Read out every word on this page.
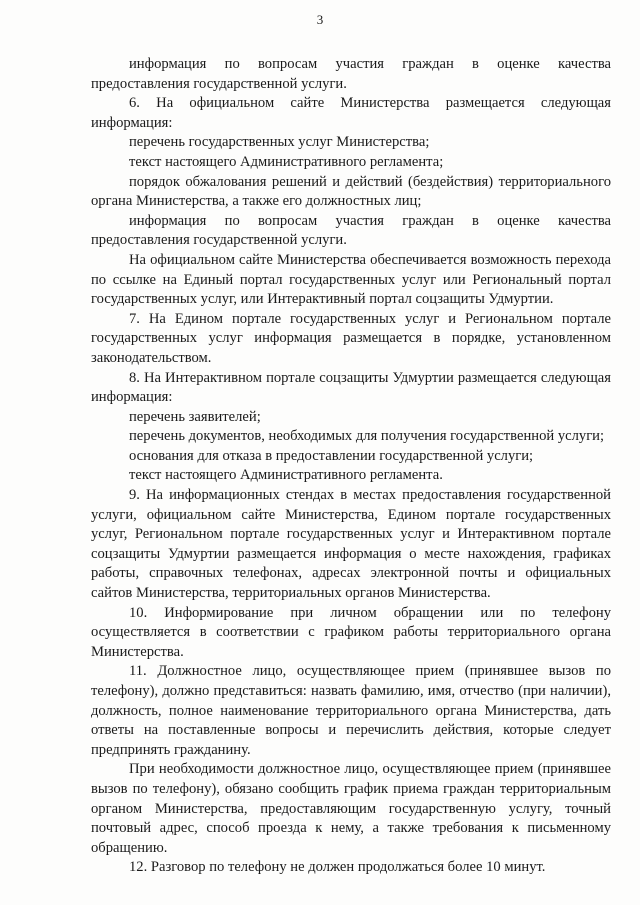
3

информация по вопросам участия граждан в оценке качества предоставления государственной услуги.

6. На официальном сайте Министерства размещается следующая информация:

перечень государственных услуг Министерства;

текст настоящего Административного регламента;

порядок обжалования решений и действий (бездействия) территориального органа Министерства, а также его должностных лиц;

информация по вопросам участия граждан в оценке качества предоставления государственной услуги.

На официальном сайте Министерства обеспечивается возможность перехода по ссылке на Единый портал государственных услуг или Региональный портал государственных услуг, или Интерактивный портал соцзащиты Удмуртии.

7. На Едином портале государственных услуг и Региональном портале государственных услуг информация размещается в порядке, установленном законодательством.

8. На Интерактивном портале соцзащиты Удмуртии размещается следующая информация:

перечень заявителей;

перечень документов, необходимых для получения государственной услуги;

основания для отказа в предоставлении государственной услуги;

текст настоящего Административного регламента.

9. На информационных стендах в местах предоставления государственной услуги, официальном сайте Министерства, Едином портале государственных услуг, Региональном портале государственных услуг и Интерактивном портале соцзащиты Удмуртии размещается информация о месте нахождения, графиках работы, справочных телефонах, адресах электронной почты и официальных сайтов Министерства, территориальных органов Министерства.

10. Информирование при личном обращении или по телефону осуществляется в соответствии с графиком работы территориального органа Министерства.

11. Должностное лицо, осуществляющее прием (принявшее вызов по телефону), должно представиться: назвать фамилию, имя, отчество (при наличии), должность, полное наименование территориального органа Министерства, дать ответы на поставленные вопросы и перечислить действия, которые следует предпринять гражданину.

При необходимости должностное лицо, осуществляющее прием (принявшее вызов по телефону), обязано сообщить график приема граждан территориальным органом Министерства, предоставляющим государственную услугу, точный почтовый адрес, способ проезда к нему, а также требования к письменному обращению.

12. Разговор по телефону не должен продолжаться более 10 минут.
